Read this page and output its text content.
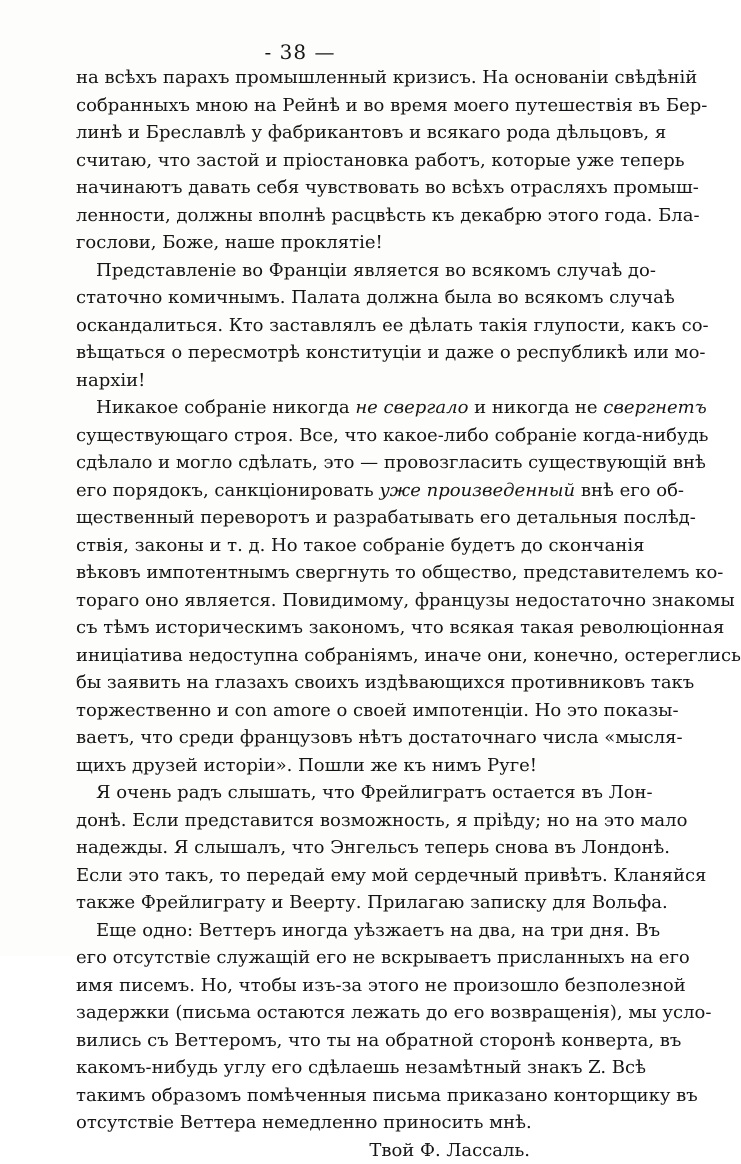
- 38 —
на всѣхъ парахъ промышленный кризисъ. На основаніи свѣдѣній
собранныхъ мною на Рейнѣ и во время моего путешествія въ Бер-
линѣ и Бреславлѣ у фабрикантовъ и всякаго рода дѣльцовъ, я
считаю, что застой и пріостановка работъ, которые уже теперь
начинаютъ давать себя чувствовать во всѣхъ отрасляхъ промыш-
ленности, должны вполнѣ расцвѣсть къ декабрю этого года. Бла-
гослови, Боже, наше проклятіе!
Представленіе во Франціи является во всякомъ случаѣ до-
статочно комичнымъ. Палата должна была во всякомъ случаѣ
оскандалиться. Кто заставлялъ ее дѣлать такія глупости, какъ со-
вѣщаться о пересмотрѣ конституціи и даже о республикѣ или мо-
нархіи!
Никакое собраніе никогда не свергало и никогда не свергнетъ
существующаго строя. Все, что какое-либо собраніе когда-нибудь
сдѣлало и могло сдѣлать, это — провозгласить существующій внѣ
его порядокъ, санкціонировать уже произведенный внѣ его об-
щественный переворотъ и разрабатывать его детальныя послѣд-
ствія, законы и т. д. Но такое собраніе будетъ до скончанія
вѣковъ импотентнымъ свергнуть то общество, представителемъ ко-
тораго оно является. Повидимому, французы недостаточно знакомы
съ тѣмъ историческимъ закономъ, что всякая такая революціонная
иниціатива недоступна собраніямъ, иначе они, конечно, остереглись
бы заявить на глазахъ своихъ издѣвающихся противниковъ такъ
торжественно и con amore о своей импотенціи. Но это показы-
ваетъ, что среди французовъ нѣтъ достаточнаго числа «мысля-
щихъ друзей исторіи». Пошли же къ нимъ Руге!
Я очень радъ слышать, что Фрейлигратъ остается въ Лон-
донѣ. Если представится возможность, я пріѣду; но на это мало
надежды. Я слышалъ, что Энгельсъ теперь снова въ Лондонѣ.
Если это такъ, то передай ему мой сердечный привѣтъ. Кланяйся
также Фрейлиграту и Веерту. Прилагаю записку для Вольфа.
Еще одно: Веттеръ иногда уѣзжаетъ на два, на три дня. Въ
его отсутствіе служащій его не вскрываетъ присланныхъ на его
имя писемъ. Но, чтобы изъ-за этого не произошло безполезной
задержки (письма остаются лежать до его возвращенія), мы усло-
вились съ Веттеромъ, что ты на обратной сторонѣ конверта, въ
какомъ-нибудь углу его сдѣлаешь незамѣтный знакъ Z. Всѣ
такимъ образомъ помѣченныя письма приказано конторщику въ
отсутствіе Веттера немедленно приносить мнѣ.
Твой Ф. Лассаль.
